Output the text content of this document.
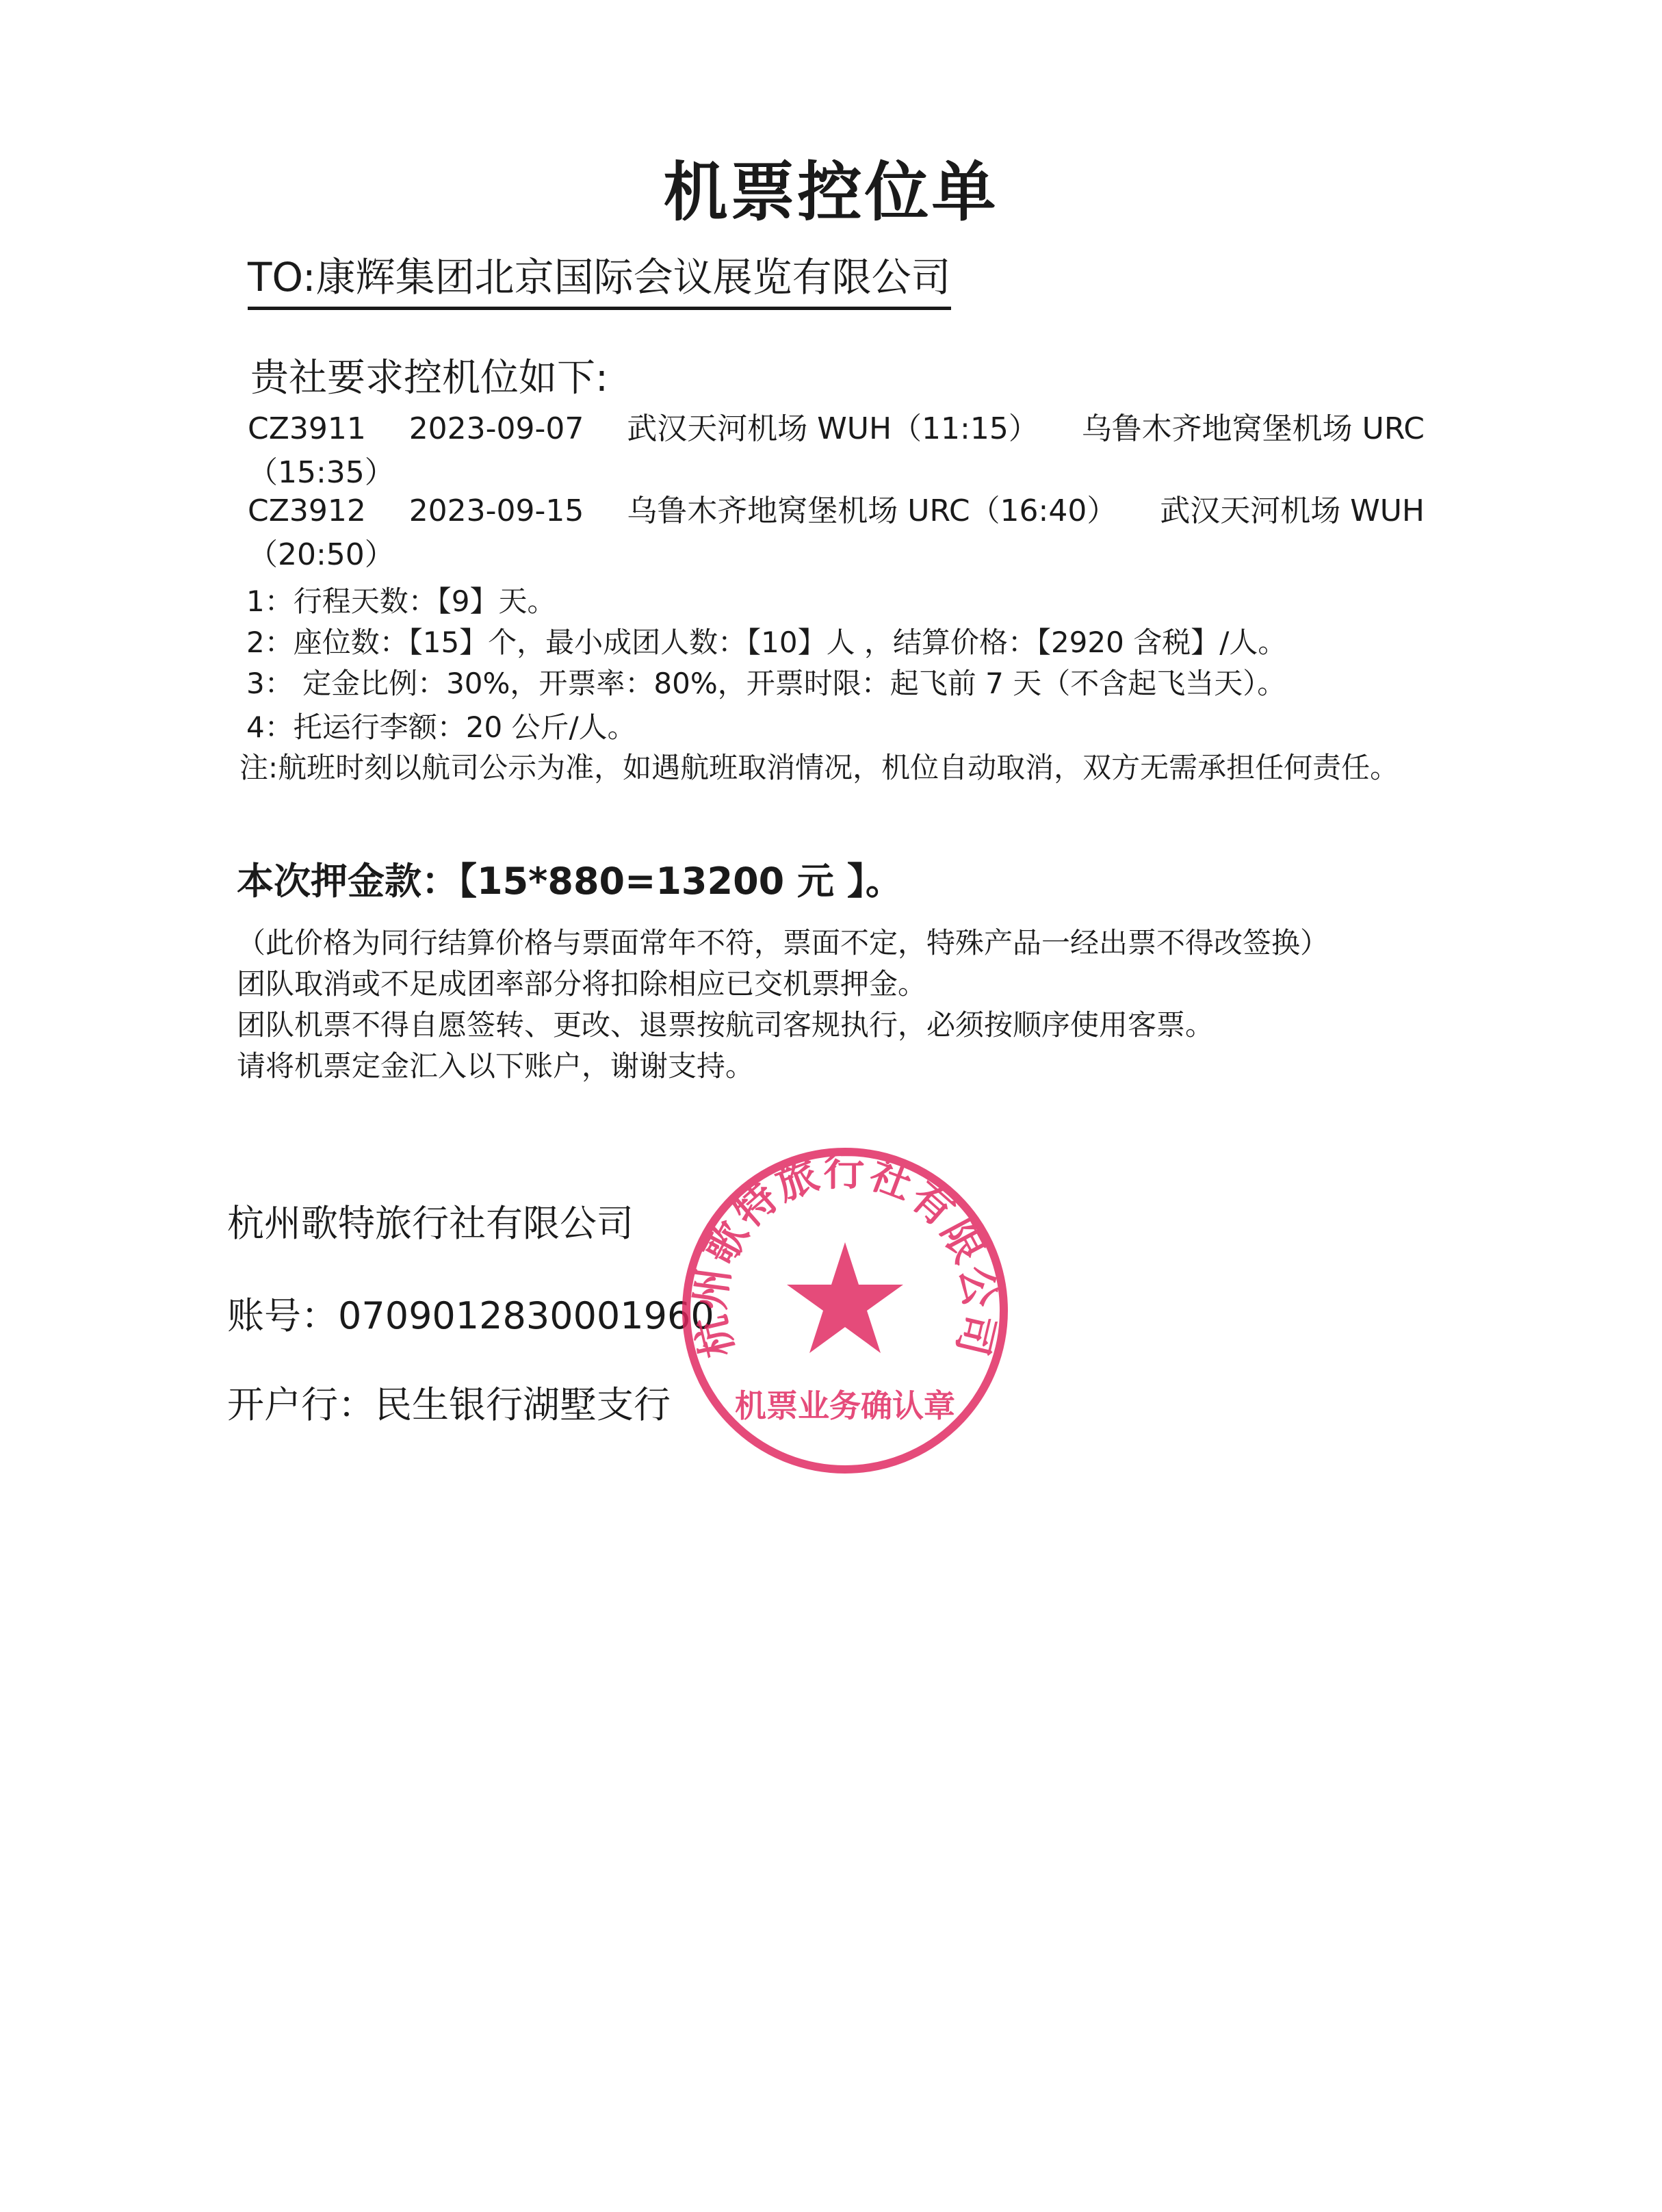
机票控位单
TO:康辉集团北京国际会议展览有限公司
贵社要求控机位如下:
CZ3911 2023-09-07 武汉天河机场 WUH（11:15） 乌鲁木齐地窝堡机场 URC
（15:35）
CZ3912 2023-09-15 乌鲁木齐地窝堡机场 URC（16:40） 武汉天河机场 WUH
（20:50）
1：行程天数：【9】天。
2：座位数：【15】个，最小成团人数：【10】人 ，结算价格：【2920 含税】/人。
3： 定金比例：30%，开票率：80%，开票时限：起飞前 7 天（不含起飞当天）。
4：托运行李额：20 公斤/人。
注:航班时刻以航司公示为准，如遇航班取消情况，机位自动取消，双方无需承担任何责任。
本次押金款：【15*880=13200 元 】。
（此价格为同行结算价格与票面常年不符，票面不定，特殊产品一经出票不得改签换）
团队取消或不足成团率部分将扣除相应已交机票押金。
团队机票不得自愿签转、更改、退票按航司客规执行，必须按顺序使用客票。
请将机票定金汇入以下账户，谢谢支持。
杭州歌特旅行社有限公司
账号：0709012830001960
开户行：民生银行湖墅支行
杭州歌特旅行社有限公司
机票业务确认章
